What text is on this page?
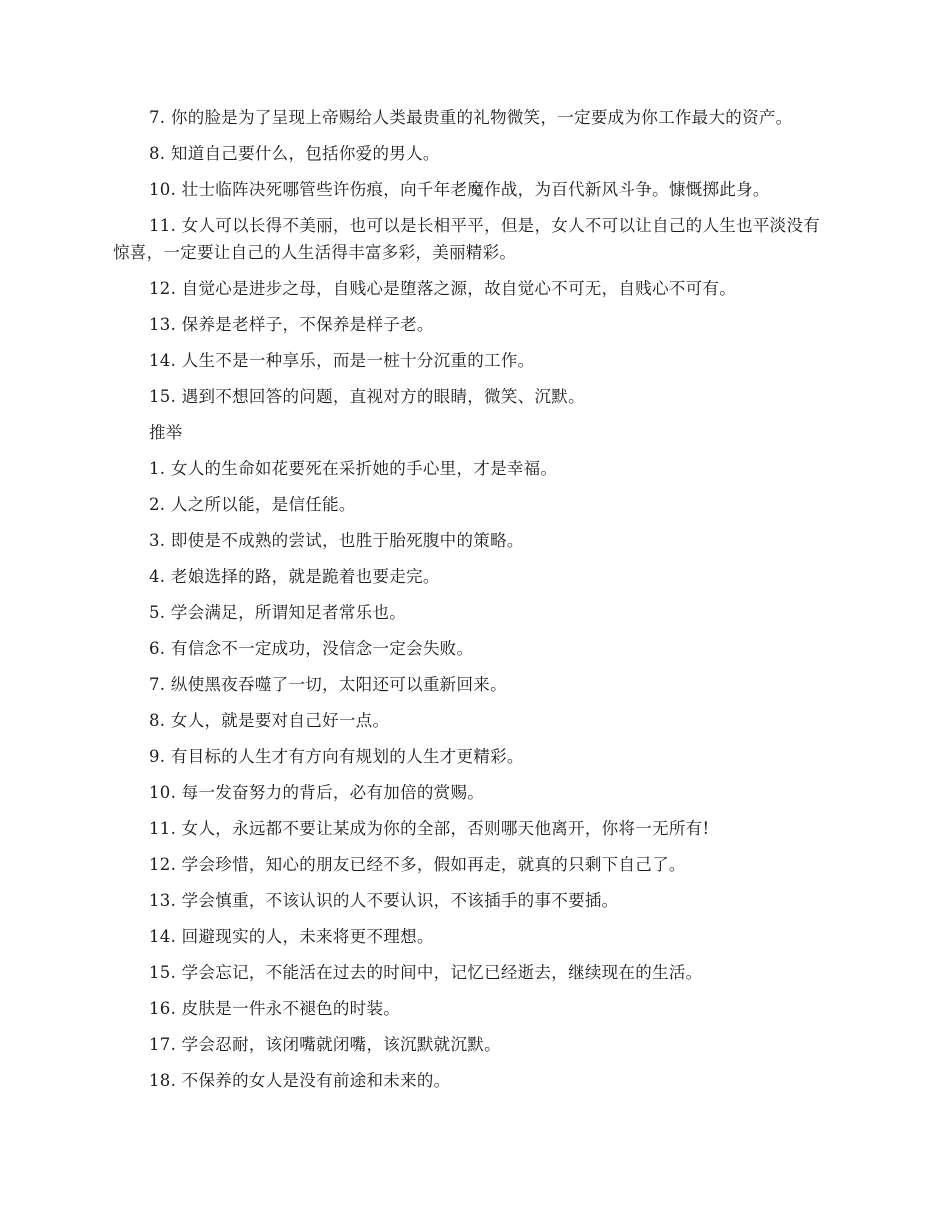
7. 你的脸是为了呈现上帝赐给人类最贵重的礼物微笑，一定要成为你工作最大的资产。

8. 知道自己要什么，包括你爱的男人。

10. 壮士临阵决死哪管些许伤痕，向千年老魔作战，为百代新风斗争。慷慨掷此身。

11. 女人可以长得不美丽，也可以是长相平平，但是，女人不可以让自己的人生也平淡没有惊喜，一定要让自己的人生活得丰富多彩，美丽精彩。

12. 自觉心是进步之母，自贱心是堕落之源，故自觉心不可无，自贱心不可有。

13. 保养是老样子，不保养是样子老。

14. 人生不是一种享乐，而是一桩十分沉重的工作。

15. 遇到不想回答的问题，直视对方的眼睛，微笑、沉默。

推举

1. 女人的生命如花要死在采折她的手心里，才是幸福。

2. 人之所以能，是信任能。

3. 即使是不成熟的尝试，也胜于胎死腹中的策略。

4. 老娘选择的路，就是跪着也要走完。

5. 学会满足，所谓知足者常乐也。

6. 有信念不一定成功，没信念一定会失败。

7. 纵使黑夜吞噬了一切，太阳还可以重新回来。

8. 女人，就是要对自己好一点。

9. 有目标的人生才有方向有规划的人生才更精彩。

10. 每一发奋努力的背后，必有加倍的赏赐。

11. 女人，永远都不要让某成为你的全部，否则哪天他离开，你将一无所有!

12. 学会珍惜，知心的朋友已经不多，假如再走，就真的只剩下自己了。

13. 学会慎重，不该认识的人不要认识，不该插手的事不要插。

14. 回避现实的人，未来将更不理想。

15. 学会忘记，不能活在过去的时间中，记忆已经逝去，继续现在的生活。

16. 皮肤是一件永不褪色的时装。

17. 学会忍耐，该闭嘴就闭嘴，该沉默就沉默。

18. 不保养的女人是没有前途和未来的。
